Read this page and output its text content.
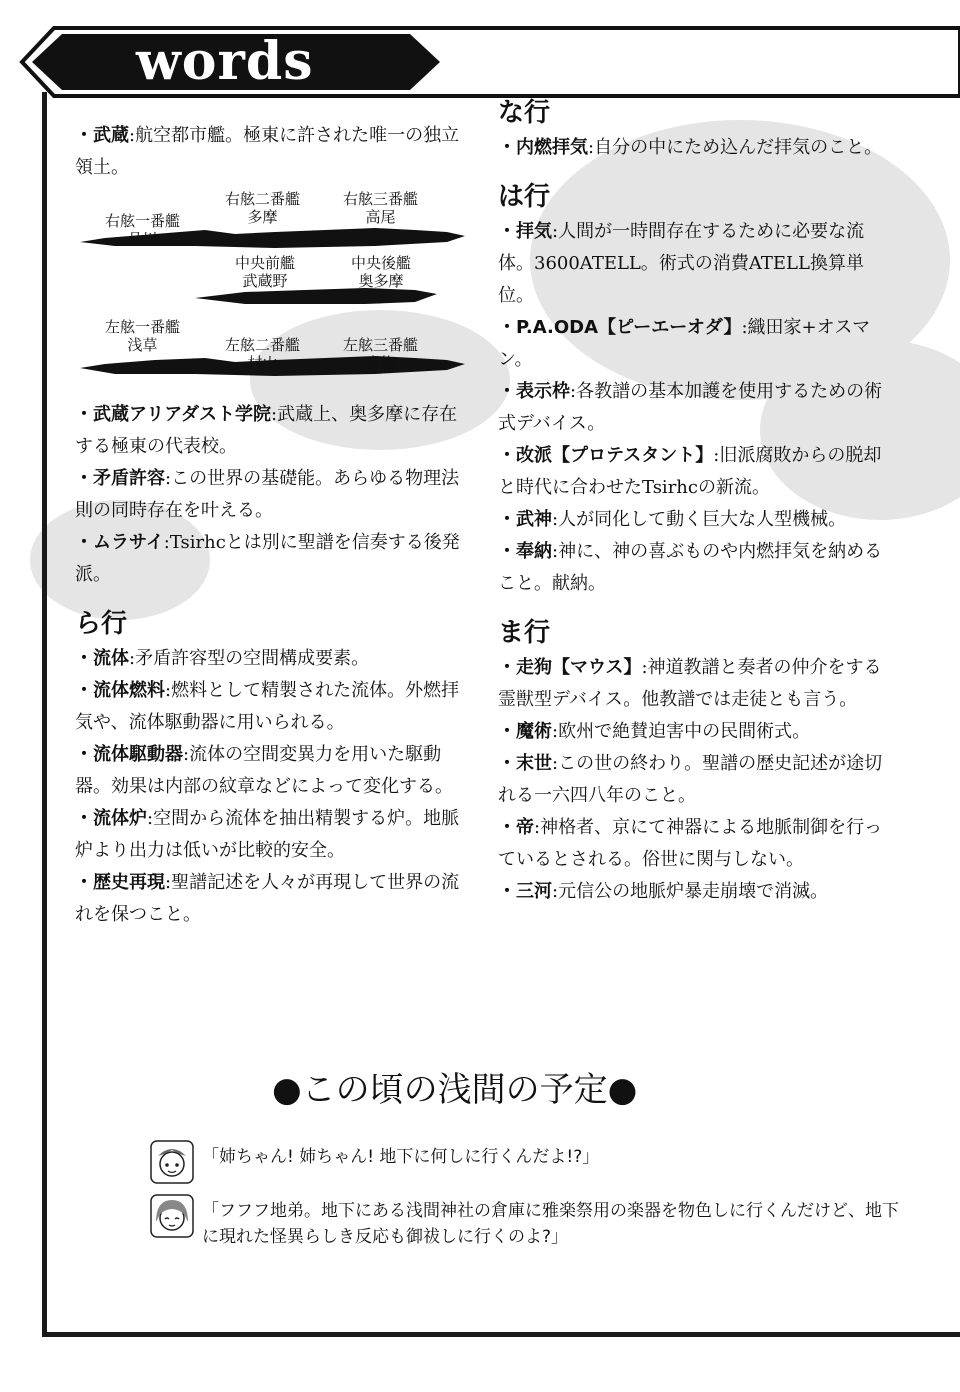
words

・武蔵:航空都市艦。極東に許された唯一の独立領土。

右舷一番艦
品川
右舷二番艦
多摩
右舷三番艦
高尾
中央前艦
武蔵野
中央後艦
奥多摩
左舷一番艦
浅草	左舷二番艦
村山
左舷三番艦
青梅

・武蔵アリアダスト学院:武蔵上、奥多摩に存在する極東の代表校。

・矛盾許容:この世界の基礎能。あらゆる物理法則の同時存在を叶える。

・ムラサイ:Tsirhcとは別に聖譜を信奏する後発派。

ら行

・流体:矛盾許容型の空間構成要素。

・流体燃料:燃料として精製された流体。外燃拝気や、流体駆動器に用いられる。

・流体駆動器:流体の空間変異力を用いた駆動器。効果は内部の紋章などによって変化する。

・流体炉:空間から流体を抽出精製する炉。地脈炉より出力は低いが比較的安全。

・歴史再現:聖譜記述を人々が再現して世界の流れを保つこと。

な行

・内燃拝気:自分の中にため込んだ拝気のこと。

は行

・拝気:人間が一時間存在するために必要な流体。3600ATELL。術式の消費ATELL換算単位。

・P.A.ODA【ピーエーオダ】:織田家+オスマン。

・表示枠:各教譜の基本加護を使用するための術式デバイス。

・改派【プロテスタント】:旧派腐敗からの脱却と時代に合わせたTsirhcの新流。

・武神:人が同化して動く巨大な人型機械。

・奉納:神に、神の喜ぶものや内燃拝気を納めること。献納。

ま行

・走狗【マウス】:神道教譜と奏者の仲介をする霊獣型デバイス。他教譜では走徒とも言う。

・魔術:欧州で絶賛迫害中の民間術式。

・末世:この世の終わり。聖譜の歴史記述が途切れる一六四八年のこと。

・帝:神格者、京にて神器による地脈制御を行っているとされる。俗世に関与しない。

・三河:元信公の地脈炉暴走崩壊で消滅。

●この頃の浅間の予定●
「姉ちゃん! 姉ちゃん! 地下に何しに行くんだよ!?」
「フフフ地弟。地下にある浅間神社の倉庫に雅楽祭用の楽器を物色しに行くんだけど、地下に現れた怪異らしき反応も御祓しに行くのよ?」
